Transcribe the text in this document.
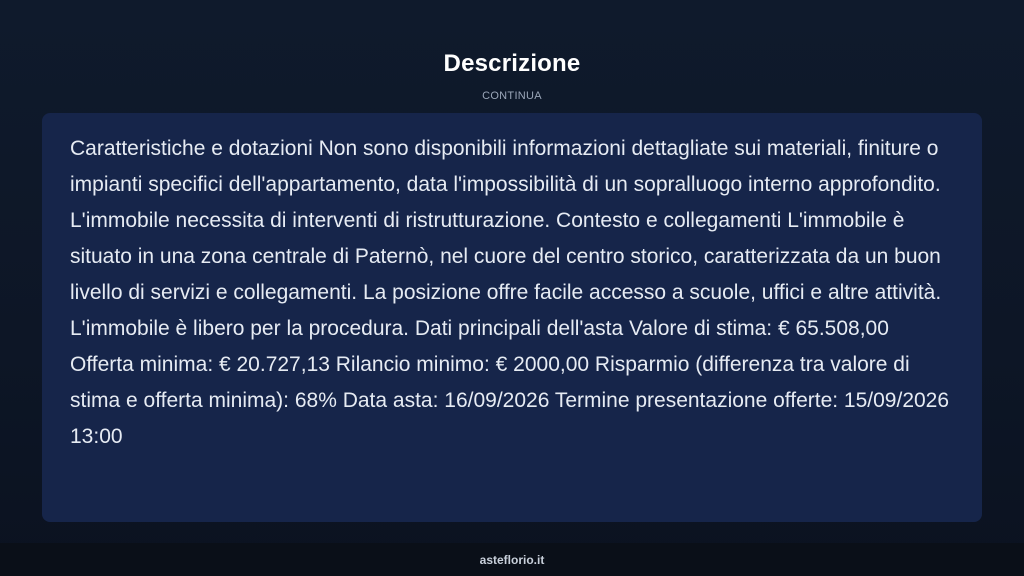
Descrizione
CONTINUA

Caratteristiche e dotazioni Non sono disponibili informazioni dettagliate sui materiali, finiture o impianti specifici dell'appartamento, data l'impossibilità di un sopralluogo interno approfondito. L'immobile necessita di interventi di ristrutturazione. Contesto e collegamenti L'immobile è situato in una zona centrale di Paternò, nel cuore del centro storico, caratterizzata da un buon livello di servizi e collegamenti. La posizione offre facile accesso a scuole, uffici e altre attività. L'immobile è libero per la procedura. Dati principali dell'asta Valore di stima: € 65.508,00 Offerta minima: € 20.727,13 Rilancio minimo: € 2000,00 Risparmio (differenza tra valore di stima e offerta minima): 68% Data asta: 16/09/2026 Termine presentazione offerte: 15/09/2026 13:00

asteflorio.it
